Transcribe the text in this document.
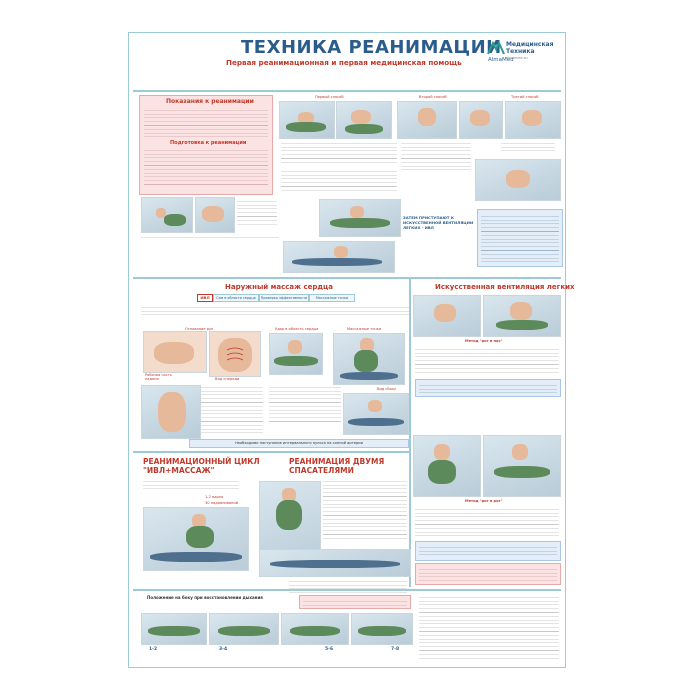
ТЕХНИКА РЕАНИМАЦИИ
Первая реанимационная и первая медицинская помощь
Медицинская
Техника
AlmaMed
almamed.su
Показания к реанимации
Подготовка к реанимации
Первый способ	Второй способ	Третий способ
ЗАТЕМ ПРИСТУПАЮТ К ИСКУССТВЕННОЙ ВЕНТИЛЯЦИИ ЛЕГКИХ - ИВЛ
Наружный массаж сердца
ИВЛ	Сам в области сердца	Проверка эффективности	Массажные точки
Основание рук
Рабочая часть ладони	Вид спереди
Удар в область сердца	Массажные точки
Вид сбоку
Необходимо наступание интервального пульса на сонной артерии
РЕАНИМАЦИОННЫЙ ЦИКЛ "ИВЛ+МАССАЖ"
1-2 вдоха
30 надавливаний
РЕАНИМАЦИЯ ДВУМЯ СПАСАТЕЛЯМИ
Искусственная вентиляция легких
Метод "рот в нос"
Метод "рот в рот"
Положение на боку при восстановлении дыхания
1-2	3-4	5-6	7-8
